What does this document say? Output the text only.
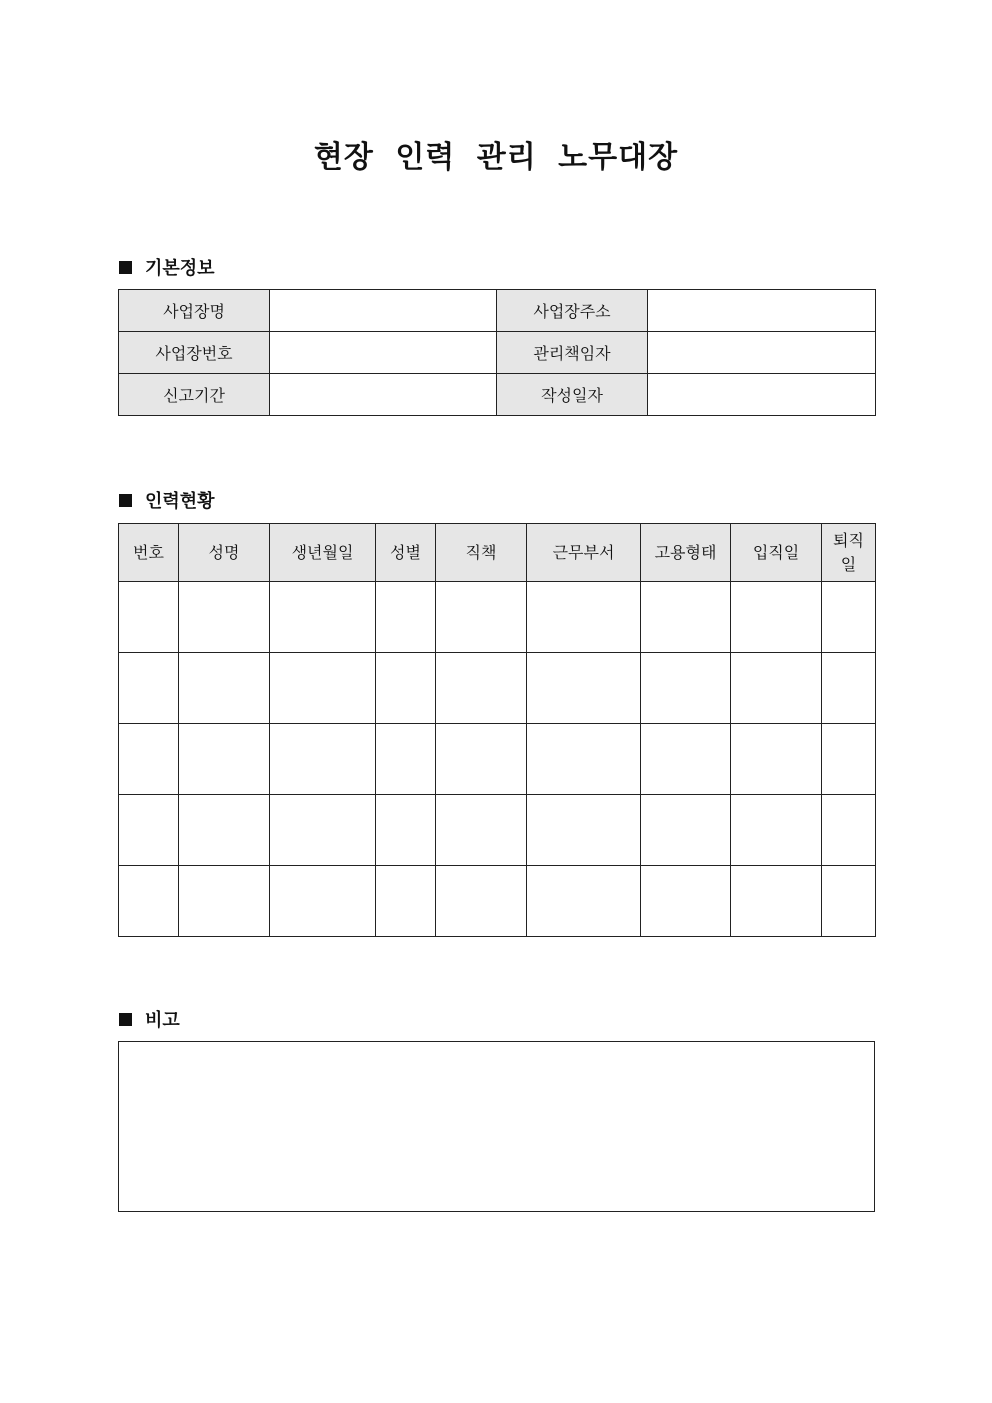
현장 인력 관리 노무대장
기본정보
사업장명		사업장주소	
사업장번호		관리책임자	
신고기간		작성일자	
인력현황
번호	성명	생년월일	성별	직책	근무부서	고용형태	입직일	퇴직일

비고
